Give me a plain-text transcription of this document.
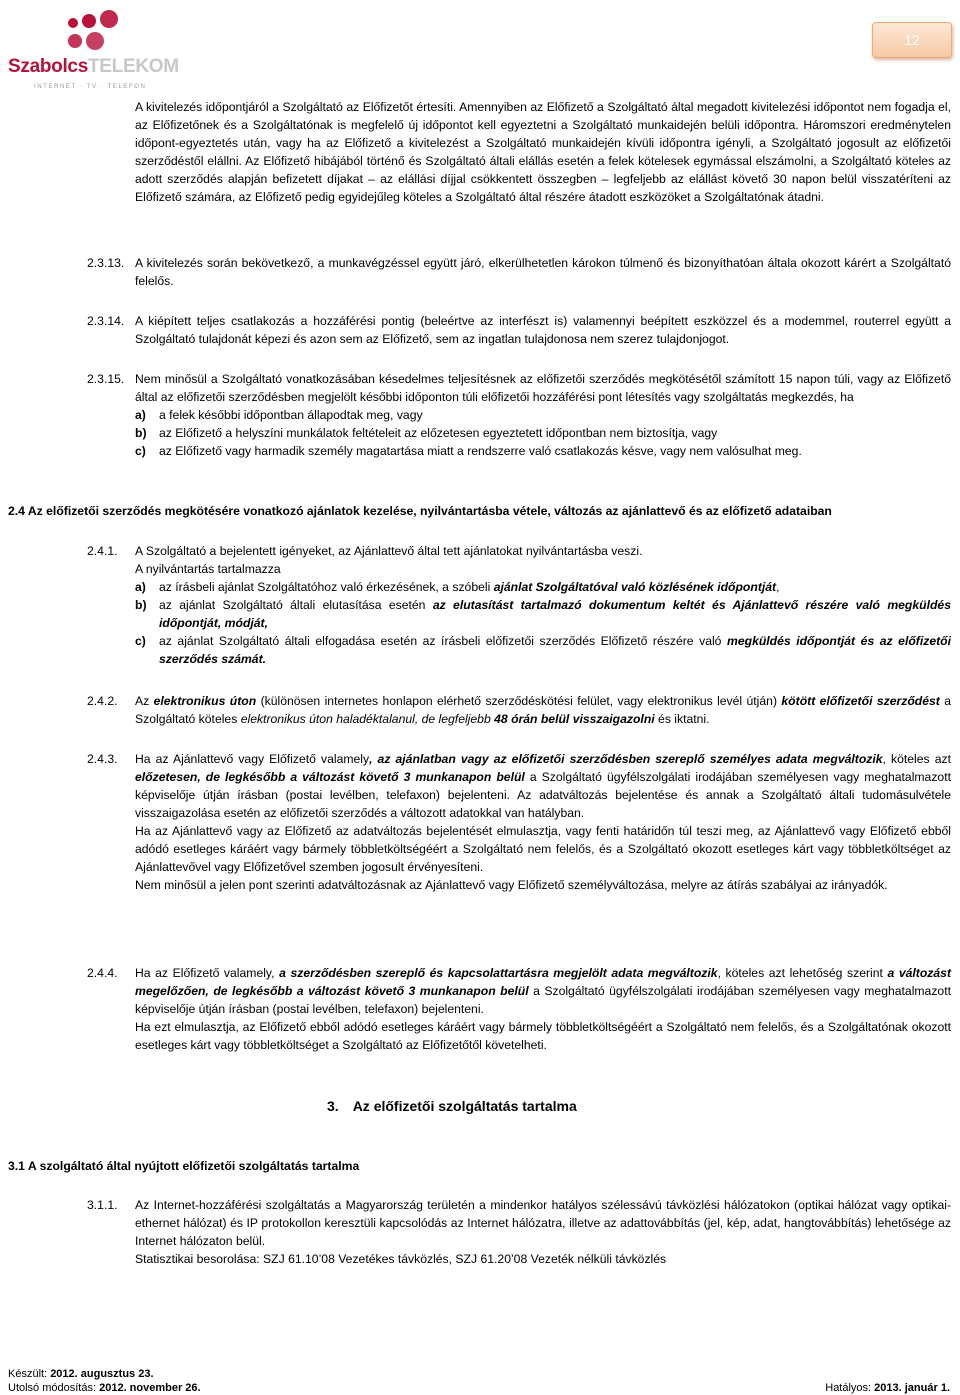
SzabolcsTELEKOM
INTERNET · TV · TELEFON
12

A kivitelezés időpontjáról a Szolgáltató az Előfizetőt értesíti. Amennyiben az Előfizető a Szolgáltató által megadott kivitelezési időpontot nem fogadja el, az Előfizetőnek és a Szolgáltatónak is megfelelő új időpontot kell egyeztetni a Szolgáltató munkaidején belüli időpontra. Háromszori eredménytelen időpont-egyeztetés után, vagy ha az Előfizető a kivitelezést a Szolgáltató munkaidején kívüli időpontra igényli, a Szolgáltató jogosult az előfizetői szerződéstől elállni. Az Előfizető hibájából történő és Szolgáltató általi elállás esetén a felek kötelesek egymással elszámolni, a Szolgáltató köteles az adott szerződés alapján befizetett díjakat – az elállási díjjal csökkentett összegben – legfeljebb az elállást követő 30 napon belül visszatéríteni az Előfizető számára, az Előfizető pedig egyidejűleg köteles a Szolgáltató által részére átadott eszközöket a Szolgáltatónak átadni.

2.3.13. A kivitelezés során bekövetkező, a munkavégzéssel együtt járó, elkerülhetetlen károkon túlmenő és bizonyíthatóan általa okozott kárért a Szolgáltató felelős.

2.3.14. A kiépített teljes csatlakozás a hozzáférési pontig (beleértve az interfészt is) valamennyi beépített eszközzel és a modemmel, routerrel együtt a Szolgáltató tulajdonát képezi és azon sem az Előfizető, sem az ingatlan tulajdonosa nem szerez tulajdonjogot.

2.3.15. Nem minősül a Szolgáltató vonatkozásában késedelmes teljesítésnek az előfizetői szerződés megkötésétől számított 15 napon túli, vagy az Előfizető által az előfizetői szerződésben megjelölt későbbi időponton túli előfizetői hozzáférési pont létesítés vagy szolgáltatás megkezdés, ha

a)	a felek későbbi időpontban állapodtak meg, vagy
b)	az Előfizető a helyszíni munkálatok feltételeit az előzetesen egyeztetett időpontban nem biztosítja, vagy
c)	az Előfizető vagy harmadik személy magatartása miatt a rendszerre való csatlakozás késve, vagy nem valósulhat meg.
2.4 Az előfizetői szerződés megkötésére vonatkozó ajánlatok kezelése, nyilvántartásba vétele, változás az ajánlattevő és az előfizető adataiban
2.4.1. A Szolgáltató a bejelentett igényeket, az Ajánlattevő által tett ajánlatokat nyilvántartásba veszi.

A nyilvántartás tartalmazza

a)	az írásbeli ajánlat Szolgáltatóhoz való érkezésének, a szóbeli ajánlat Szolgáltatóval való közlésének időpontját,
b)	az ajánlat Szolgáltató általi elutasítása esetén az elutasítást tartalmazó dokumentum keltét és Ajánlattevő részére való megküldés időpontját, módját,
c)	az ajánlat Szolgáltató általi elfogadása esetén az írásbeli előfizetői szerződés Előfizető részére való megküldés időpontját és az előfizetői szerződés számát.
2.4.2. Az elektronikus úton (különösen internetes honlapon elérhető szerződéskötési felület, vagy elektronikus levél útján) kötött előfizetői szerződést a Szolgáltató köteles elektronikus úton haladéktalanul, de legfeljebb 48 órán belül visszaigazolni és iktatni.

2.4.3. Ha az Ajánlattevő vagy Előfizető valamely, az ajánlatban vagy az előfizetői szerződésben szereplő személyes adata megváltozik, köteles azt előzetesen, de legkésőbb a változást követő 3 munkanapon belül a Szolgáltató ügyfélszolgálati irodájában személyesen vagy meghatalmazott képviselője útján írásban (postai levélben, telefaxon) bejelenteni. Az adatváltozás bejelentése és annak a Szolgáltató általi tudomásulvétele visszaigazolása esetén az előfizetői szerződés a változott adatokkal van hatályban.

Ha az Ajánlattevő vagy az Előfizető az adatváltozás bejelentését elmulasztja, vagy fenti határidőn túl teszi meg, az Ajánlattevő vagy Előfizető ebből adódó esetleges káráért vagy bármely többletköltségéért a Szolgáltató nem felelős, és a Szolgáltató okozott esetleges kárt vagy többletköltséget az Ajánlattevővel vagy Előfizetővel szemben jogosult érvényesíteni.

Nem minősül a jelen pont szerinti adatváltozásnak az Ajánlattevő vagy Előfizető személyváltozása, melyre az átírás szabályai az irányadók.

2.4.4. Ha az Előfizető valamely, a szerződésben szereplő és kapcsolattartásra megjelölt adata megváltozik, köteles azt lehetőség szerint a változást megelőzően, de legkésőbb a változást követő 3 munkanapon belül a Szolgáltató ügyfélszolgálati irodájában személyesen vagy meghatalmazott képviselője útján írásban (postai levélben, telefaxon) bejelenteni.

Ha ezt elmulasztja, az Előfizető ebből adódó esetleges káráért vagy bármely többletköltségéért a Szolgáltató nem felelős, és a Szolgáltatónak okozott esetleges kárt vagy többletköltséget a Szolgáltató az Előfizetőtől követelheti.

3. Az előfizetői szolgáltatás tartalma
3.1 A szolgáltató által nyújtott előfizetői szolgáltatás tartalma
3.1.1. Az Internet-hozzáférési szolgáltatás a Magyarország területén a mindenkor hatályos szélessávú távközlési hálózatokon (optikai hálózat vagy optikai- ethernet hálózat) és IP protokollon keresztüli kapcsolódás az Internet hálózatra, illetve az adattovábbítás (jel, kép, adat, hangtovábbítás) lehetősége az Internet hálózaton belül.

Statisztikai besorolása: SZJ 61.10’08 Vezetékes távközlés, SZJ 61.20’08 Vezeték nélküli távközlés

Készült: 2012. augusztus 23.
Utolsó módosítás: 2012. november 26.	Hatályos: 2013. január 1.
